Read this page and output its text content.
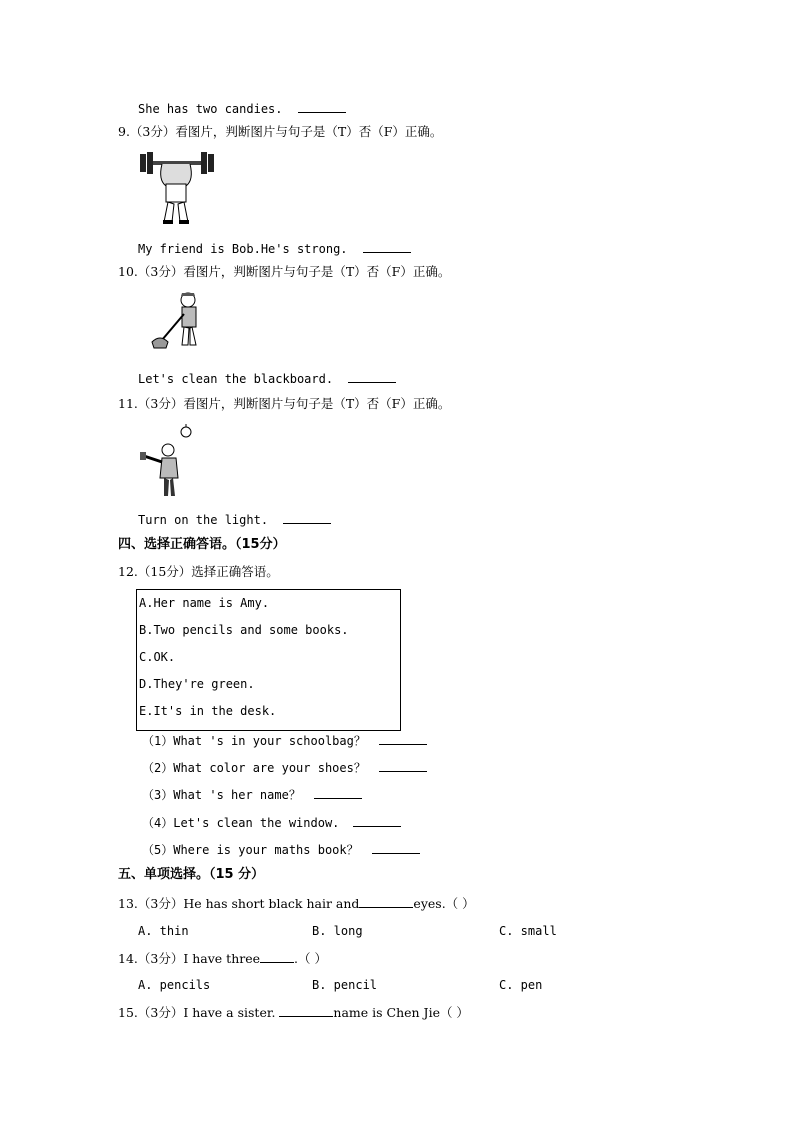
She has two candies.
9.（3分）看图片，判断图片与句子是（T）否（F）正确。
My friend is Bob.He's strong.
10.（3分）看图片，判断图片与句子是（T）否（F）正确。
Let's clean the blackboard.
11.（3分）看图片，判断图片与句子是（T）否（F）正确。
Turn on the light.
四、选择正确答语。（15分）
12.（15分）选择正确答语。
A.Her name is Amy.
B.Two pencils and some books.
C.OK.
D.They're green.
E.It's in the desk.
（1）What 's in your schoolbag？
（2）What color are your shoes？
（3）What 's her name？
（4）Let's clean the window.
（5）Where is your maths book？
五、单项选择。（15 分）
13.（3分）He has short black hair and	eyes.（ ）
A. thin	B. long	C. small
14.（3分）I have three	.（ ）
A. pencils	B. pencil	C. pen
15.（3分）I have a sister.	name is Chen Jie（ ）
